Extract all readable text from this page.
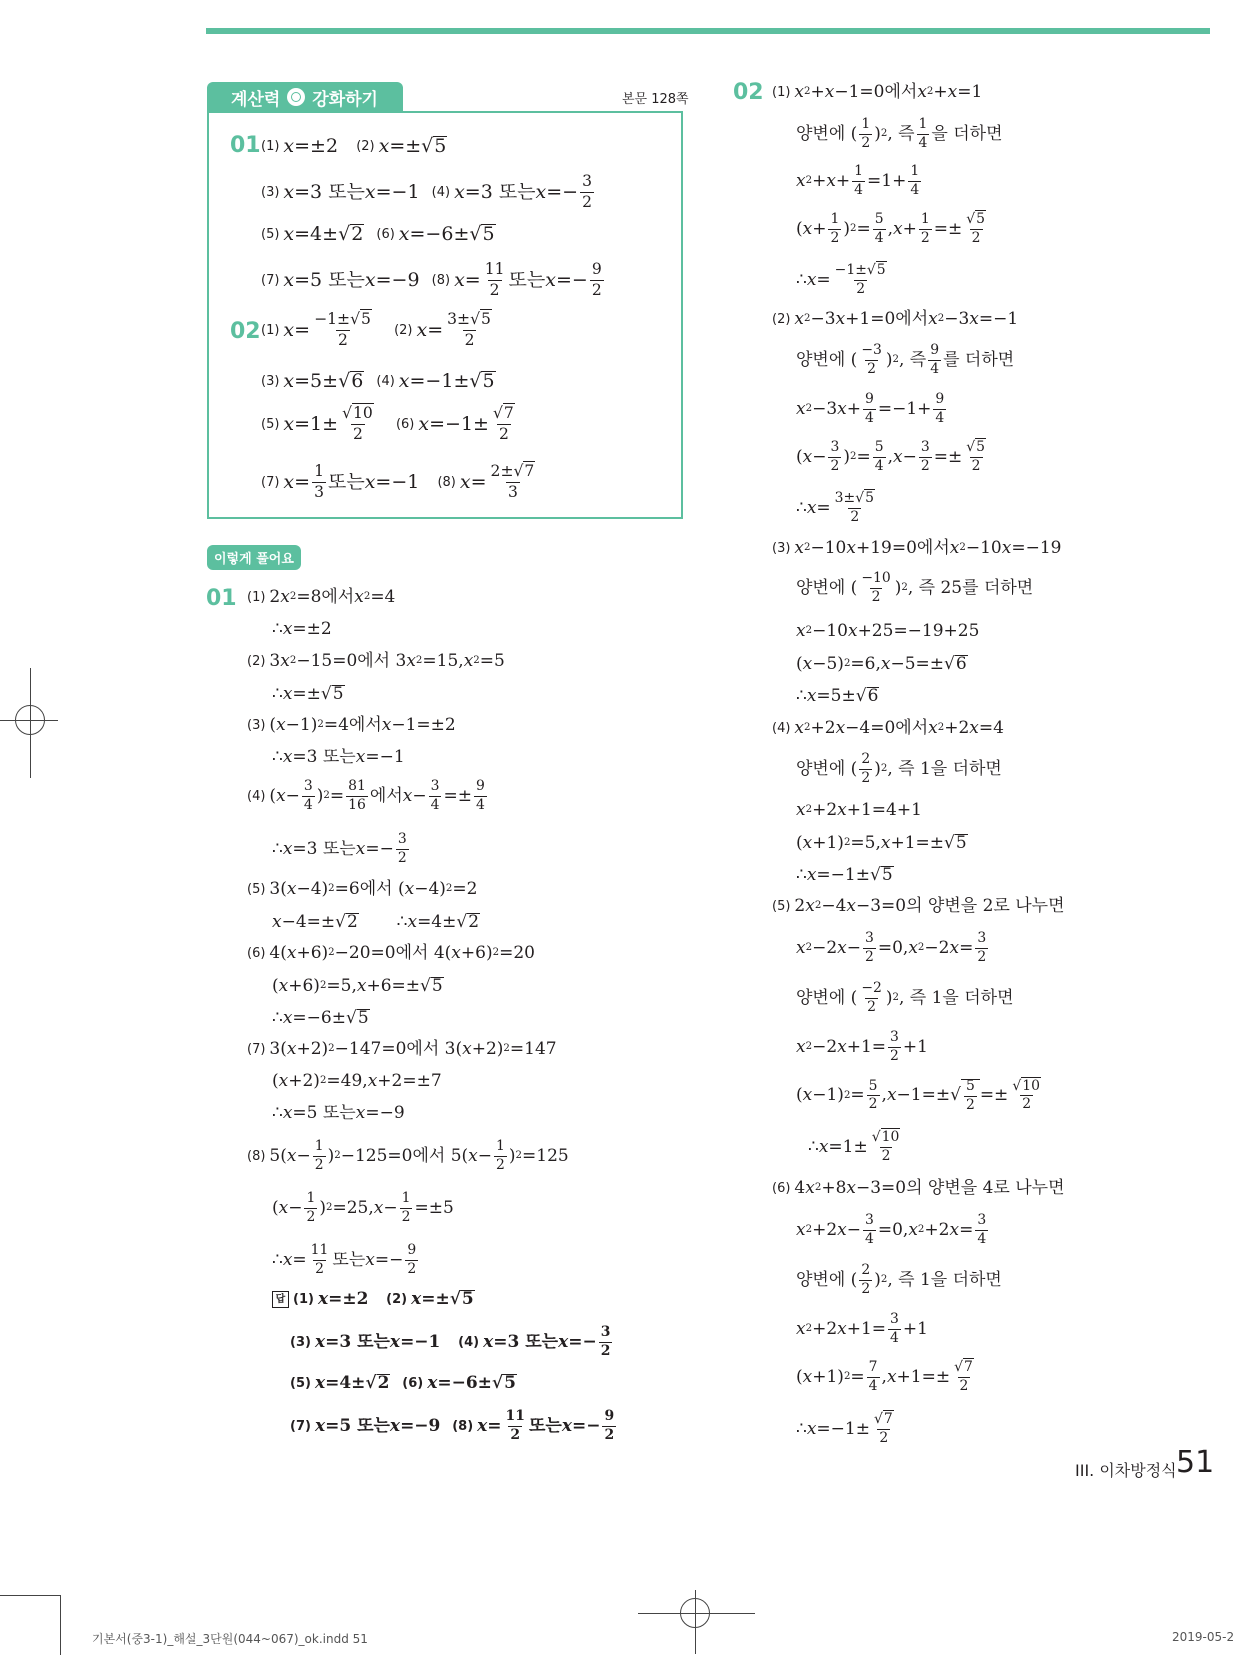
계산력 강화하기	본문 128쪽
01 (1) x =±2 (2) x =±√ 5
(3) x =3 또는 x =−1 (4) x =3 또는 $x =- \frac{3}{2}$
(5) x =4±√ 2
(6) x =−6±√ 5
(7) x =5 또는 x =−9 (8) $x = \frac{11}{2}$ 또는 $x =- \frac{9}{2}$
02 (1) $x = \frac{-1\pm√5}{2}$
(2) $x = \frac{3\pm√5}{2}$
(3) x =5±√ 6
(4) x =−1±√ 5
(5) $x =1\pm \frac{√10}{2}$
(6) $x =-1\pm \frac{√7}{2}$
(7) $x = \frac{1}{3}$ 또는 x =−1 (8) $x = \frac{2\pm√7}{3}$
이렇게 풀어요
01 (1) 2 x 2 =8에서 x 2 =4
∴ x =±2
(2) 3 x 2 −15=0에서 3 x 2 =15, x 2 =5
∴ x =±√ 5
(3) ( x −1) 2 =4에서 x −1=±2
∴ x =3 또는 x =−1
(4) ( $x - \frac{3}{4}$ ) $2 = \frac{81}{16}$ 에서 $x - \frac{3}{4} =\pm \frac{9}{4}$
∴ x =3 또는 $x =- \frac{3}{2}$
(5) 3( x −4) 2 =6에서 ( x −4) 2 =2
x −4=±√ 2 ∴ x =4±√ 2
(6) 4( x +6) 2 −20=0에서 4( x +6) 2 =20
( x +6) 2 =5, x +6=±√ 5
∴ x =−6±√ 5
(7) 3( x +2) 2 −147=0에서 3( x +2) 2 =147
( x +2) 2 =49, x +2=±7
∴ x =5 또는 x =−9
(8) 5( $x - \frac{1}{2}$ ) 2 −125=0에서 5( $x - \frac{1}{2}$ ) 2 =125
( $x - \frac{1}{2}$ ) 2 =25, $x - \frac{1}{2} =\pm 5$
∴ $x = \frac{11}{2}$ 또는 $x =- \frac{9}{2}$
답 (1) x =±2 (2) x =±√ 5
(3) x =3 또는 x =−1 (4) x =3 또는 $x =- \frac{3}{2}$
(5) x =4±√ 2
(6) x =−6±√ 5
(7) x =5 또는 x =−9 (8) $x = \frac{11}{2}$ 또는 $x =- \frac{9}{2}$
02 (1) x 2 + x −1=0에서 x 2 + x =1
양변에 ( $\frac{1}{2}$ ) 2 , 즉 $\frac{1}{4}$ 을 더하면
x $2 + x + \frac{1}{4} =1+ \frac{1}{4}$
( $x + \frac{1}{2}$ ) $2 = \frac{5}{4}$ , $x + \frac{1}{2} =\pm \frac{√5}{2}$
∴ $x = \frac{-1\pm√5}{2}$
(2) x 2 −3 x +1=0에서 x 2 −3 x =−1
양변에 ( $\frac{-3}{2}$ ) 2 , 즉 $\frac{9}{4}$ 를 더하면
x 2 −3 $x + \frac{9}{4} =-1+ \frac{9}{4}$
( $x - \frac{3}{2}$ ) $2 = \frac{5}{4}$ , $x - \frac{3}{2} =\pm \frac{√5}{2}$
∴ $x = \frac{3\pm√5}{2}$
(3) x 2 −10 x +19=0에서 x 2 −10 x =−19
양변에 ( $\frac{-10}{2}$ ) 2 , 즉 25를 더하면
x 2 −10 x +25=−19+25
( x −5) 2 =6, x −5=±√ 6
∴ x =5±√ 6
(4) x 2 +2 x −4=0에서 x 2 +2 x =4
양변에 ( $\frac{2}{2}$ ) 2 , 즉 1을 더하면
x 2 +2 x +1=4+1
( x +1) 2 =5, x +1=±√ 5
∴ x =−1±√ 5
(5) 2 x 2 −4 x −3=0의 양변을 2로 나누면
x 2 −2 $x - \frac{3}{2} =0$, x 2 −2 $x = \frac{3}{2}$
양변에 ( $\frac{-2}{2}$ ) 2 , 즉 1을 더하면
x 2 −2 $x +1= \frac{3}{2} +1$
( x −1) $2 = \frac{5}{2}$ , $x -1=\pm√ \frac{5}{2} =\pm \frac{√10}{2}$
∴ $x =1\pm \frac{√10}{2}$
(6) 4 x 2 +8 x −3=0의 양변을 4로 나누면
x 2 +2 $x - \frac{3}{4} =0$, x 2 +2 $x = \frac{3}{4}$
양변에 ( $\frac{2}{2}$ ) 2 , 즉 1을 더하면
x 2 +2 $x +1= \frac{3}{4} +1$
( x +1) $2 = \frac{7}{4}$ , $x +1=\pm \frac{√7}{2}$
∴ $x =-1\pm \frac{√7}{2}$
III. 이차방정식 51
기본서(중3-1)_해설_3단원(044~067)_ok.indd 51	2019-05-2
